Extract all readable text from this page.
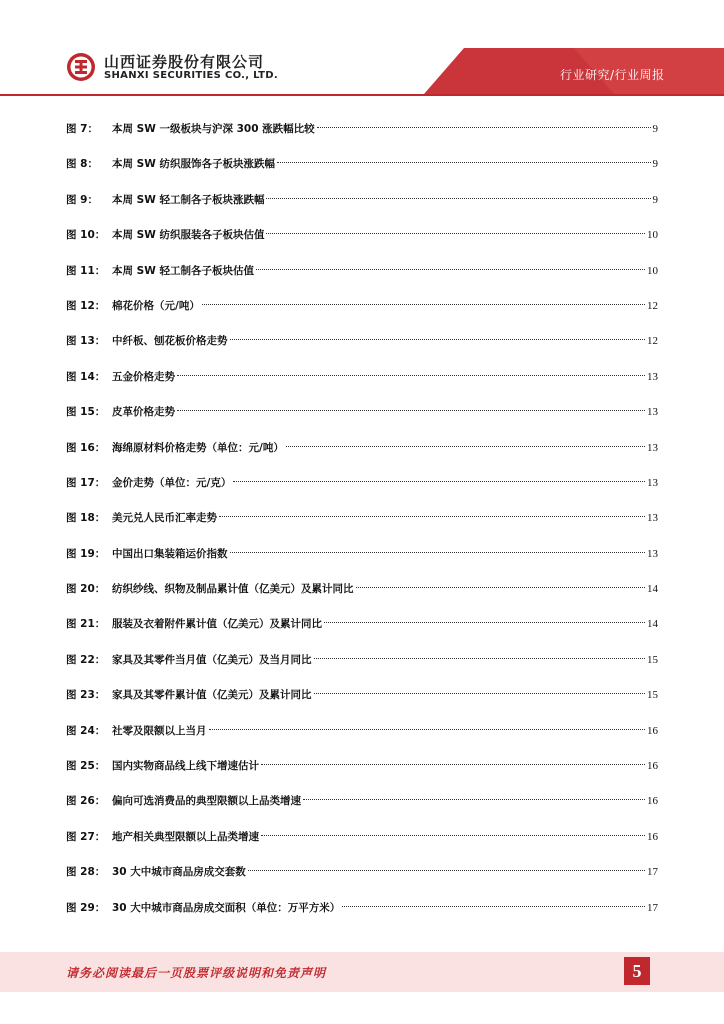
山西证券股份有限公司
SHANXI SECURITIES CO., LTD.	行业研究/行业周报
图 7：	本周 SW 一级板块与沪深 300 涨跌幅比较	9
图 8：	本周 SW 纺织服饰各子板块涨跌幅	9
图 9：	本周 SW 轻工制各子板块涨跌幅	9
图 10： 本周 SW 纺织服装各子板块估值	10
图 11： 本周 SW 轻工制各子板块估值	10
图 12： 棉花价格（元/吨）	12
图 13： 中纤板、刨花板价格走势	12
图 14： 五金价格走势	13
图 15： 皮革价格走势	13
图 16： 海绵原材料价格走势（单位：元/吨）	13
图 17： 金价走势（单位：元/克）	13
图 18： 美元兑人民币汇率走势	13
图 19： 中国出口集装箱运价指数	13
图 20： 纺织纱线、织物及制品累计值（亿美元）及累计同比	14
图 21： 服装及衣着附件累计值（亿美元）及累计同比	14
图 22： 家具及其零件当月值（亿美元）及当月同比	15
图 23： 家具及其零件累计值（亿美元）及累计同比	15
图 24： 社零及限额以上当月	16
图 25： 国内实物商品线上线下增速估计	16
图 26： 偏向可选消费品的典型限额以上品类增速	16
图 27： 地产相关典型限额以上品类增速	16
图 28： 30 大中城市商品房成交套数	17
图 29： 30 大中城市商品房成交面积（单位：万平方米）	17
请务必阅读最后一页股票评级说明和免责声明	5
